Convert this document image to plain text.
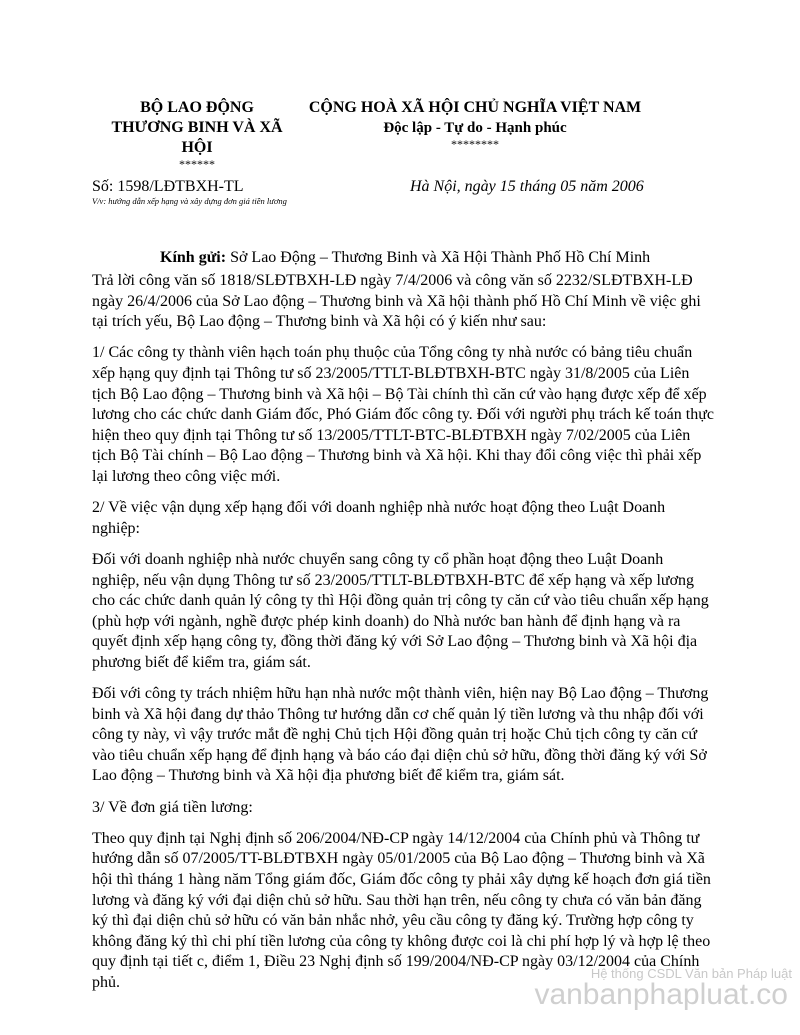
BỘ LAO ĐỘNG
THƯƠNG BINH VÀ XÃ
HỘI
******
CỘNG HOÀ XÃ HỘI CHỦ NGHĨA VIỆT NAM
Độc lập - Tự do - Hạnh phúc
********
Số: 1598/LĐTBXH-TL
V/v: hướng dẫn xếp hạng và xây dựng đơn giá tiền lương
Hà Nội, ngày 15 tháng 05 năm 2006
Kính gửi: Sở Lao Động – Thương Binh và Xã Hội Thành Phố Hồ Chí Minh

Trả lời công văn số 1818/SLĐTBXH-LĐ ngày 7/4/2006 và công văn số 2232/SLĐTBXH-LĐ ngày 26/4/2006 của Sở Lao động – Thương binh và Xã hội thành phố Hồ Chí Minh về việc ghi tại trích yếu, Bộ Lao động – Thương binh và Xã hội có ý kiến như sau:

1/ Các công ty thành viên hạch toán phụ thuộc của Tổng công ty nhà nước có bảng tiêu chuẩn xếp hạng quy định tại Thông tư số 23/2005/TTLT-BLĐTBXH-BTC ngày 31/8/2005 của Liên tịch Bộ Lao động – Thương binh và Xã hội – Bộ Tài chính thì căn cứ vào hạng được xếp để xếp lương cho các chức danh Giám đốc, Phó Giám đốc công ty. Đối với người phụ trách kế toán thực hiện theo quy định tại Thông tư số 13/2005/TTLT-BTC-BLĐTBXH ngày 7/02/2005 của Liên tịch Bộ Tài chính – Bộ Lao động – Thương binh và Xã hội. Khi thay đổi công việc thì phải xếp lại lương theo công việc mới.

2/ Về việc vận dụng xếp hạng đối với doanh nghiệp nhà nước hoạt động theo Luật Doanh nghiệp:

Đối với doanh nghiệp nhà nước chuyển sang công ty cổ phần hoạt động theo Luật Doanh nghiệp, nếu vận dụng Thông tư số 23/2005/TTLT-BLĐTBXH-BTC để xếp hạng và xếp lương cho các chức danh quản lý công ty thì Hội đồng quản trị công ty căn cứ vào tiêu chuẩn xếp hạng (phù hợp với ngành, nghề được phép kinh doanh) do Nhà nước ban hành để định hạng và ra quyết định xếp hạng công ty, đồng thời đăng ký với Sở Lao động – Thương binh và Xã hội địa phương biết để kiểm tra, giám sát.

Đối với công ty trách nhiệm hữu hạn nhà nước một thành viên, hiện nay Bộ Lao động – Thương binh và Xã hội đang dự thảo Thông tư hướng dẫn cơ chế quản lý tiền lương và thu nhập đối với công ty này, vì vậy trước mắt đề nghị Chủ tịch Hội đồng quản trị hoặc Chủ tịch công ty căn cứ vào tiêu chuẩn xếp hạng để định hạng và báo cáo đại diện chủ sở hữu, đồng thời đăng ký với Sở Lao động – Thương binh và Xã hội địa phương biết để kiểm tra, giám sát.

3/ Về đơn giá tiền lương:

Theo quy định tại Nghị định số 206/2004/NĐ-CP ngày 14/12/2004 của Chính phủ và Thông tư hướng dẫn số 07/2005/TT-BLĐTBXH ngày 05/01/2005 của Bộ Lao động – Thương binh và Xã hội thì tháng 1 hàng năm Tổng giám đốc, Giám đốc công ty phải xây dựng kế hoạch đơn giá tiền lương và đăng ký với đại diện chủ sở hữu. Sau thời hạn trên, nếu công ty chưa có văn bản đăng ký thì đại diện chủ sở hữu có văn bản nhắc nhở, yêu cầu công ty đăng ký. Trường hợp công ty không đăng ký thì chi phí tiền lương của công ty không được coi là chi phí hợp lý và hợp lệ theo quy định tại tiết c, điểm 1, Điều 23 Nghị định số 199/2004/NĐ-CP ngày 03/12/2004 của Chính phủ.

Hệ thống CSDL Văn bản Pháp luật
vanbanphapluat.co
